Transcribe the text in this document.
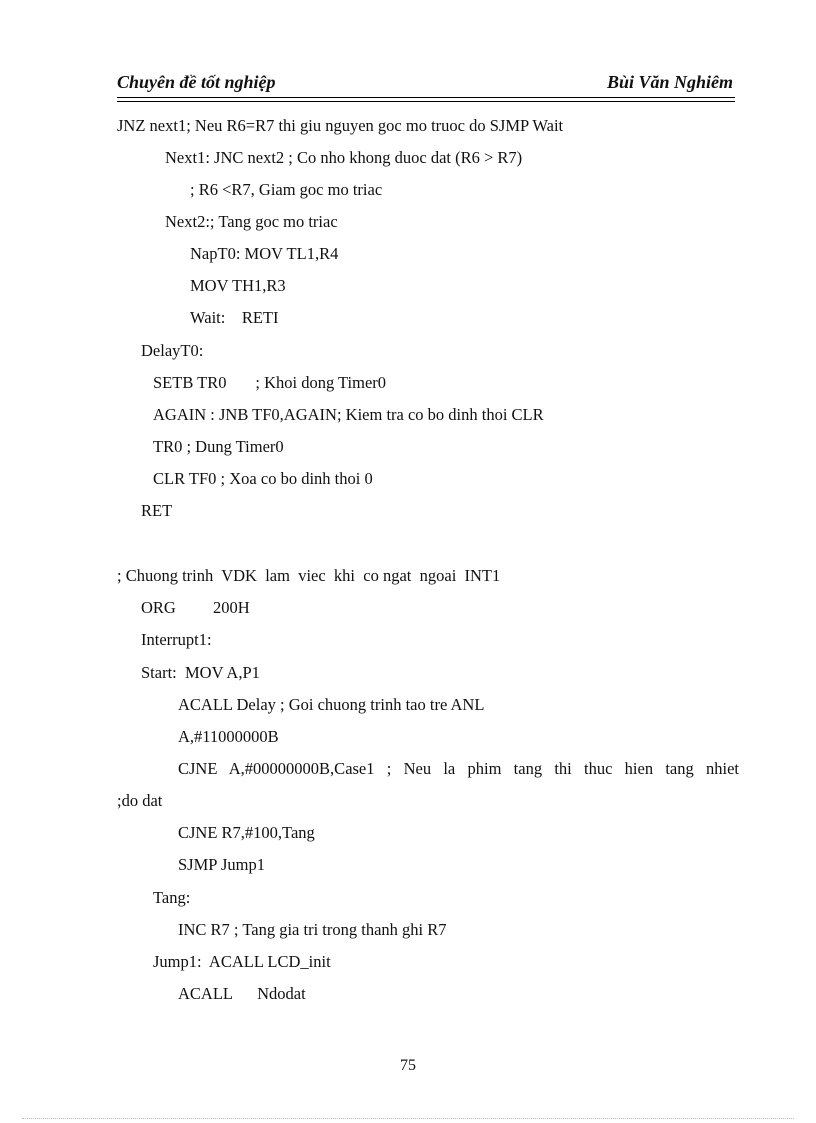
Chuyên đề tốt nghiệp	Bùi Văn Nghiêm
JNZ next1; Neu R6=R7 thi giu nguyen goc mo truoc do SJMP Wait
Next1: JNC next2 ; Co nho khong duoc dat (R6 > R7)
; R6 <R7, Giam goc mo triac
Next2:; Tang goc mo triac
NapT0: MOV TL1,R4
MOV TH1,R3
Wait:    RETI
DelayT0:
SETB TR0       ; Khoi dong Timer0
AGAIN : JNB TF0,AGAIN; Kiem tra co bo dinh thoi CLR
TR0 ; Dung Timer0
CLR TF0 ; Xoa co bo dinh thoi 0
RET
; Chuong trinh  VDK  lam  viec  khi  co ngat  ngoai  INT1
ORG         200H
Interrupt1:
Start:  MOV A,P1
ACALL Delay ; Goi chuong trinh tao tre ANL
A,#11000000B
CJNE A,#00000000B,Case1 ; Neu la phim tang thi thuc hien tang nhiet
;do dat
CJNE R7,#100,Tang
SJMP Jump1
Tang:
INC R7 ; Tang gia tri trong thanh ghi R7
Jump1:  ACALL LCD_init
ACALL      Ndodat
75
